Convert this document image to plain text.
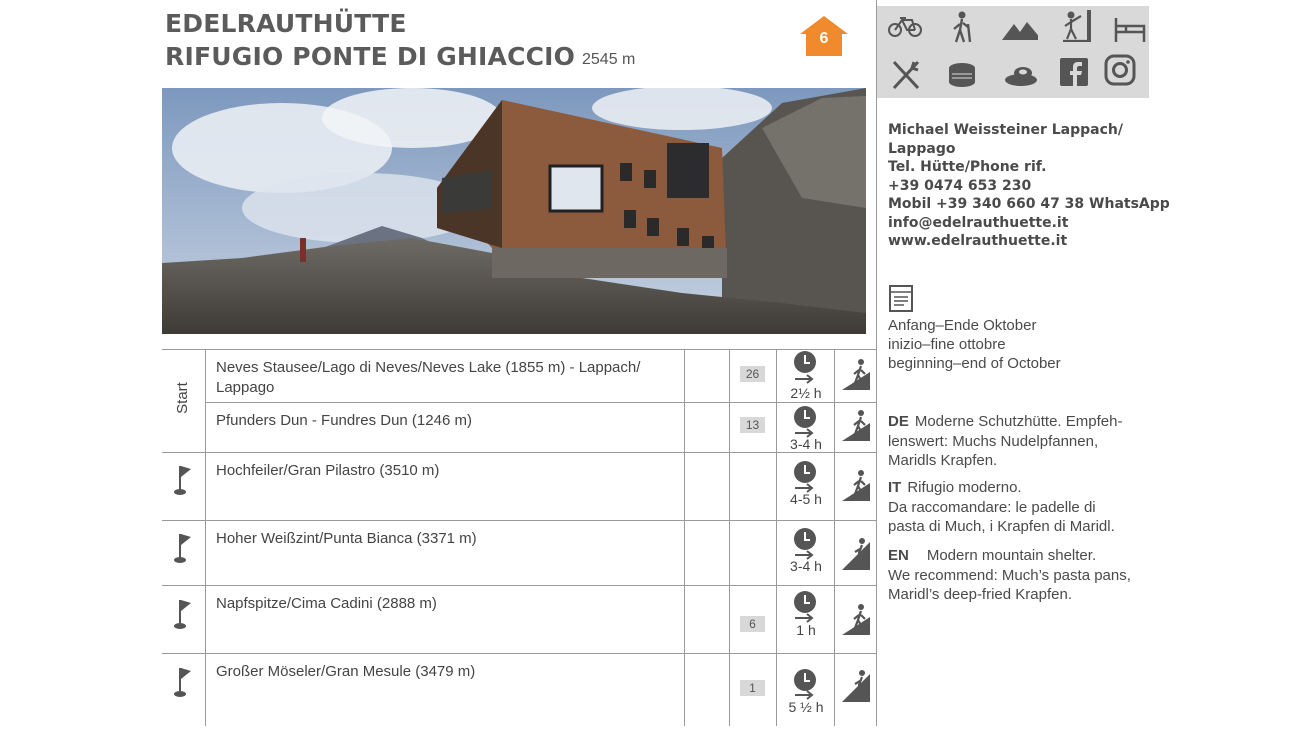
EDELRAUTHÜTTE
RIFUGIO PONTE DI GHIACCIO 2545 m
6
Start
Neves Stausee/Lago di Neves/Neves Lake (1855 m) - Lappach/ Lappago
26
2½ h
Pfunders Dun - Fundres Dun (1246 m)	13
3-4 h
Hochfeiler/Gran Pilastro (3510 m)
4-5 h
Hoher Weißzint/Punta Bianca (3371 m)
3-4 h
Napfspitze/Cima Cadini (2888 m)
6	1 h
Großer Möseler/Gran Mesule (3479 m)
1
5 ½ h
Michael Weissteiner Lappach/
Lappago
Tel. Hütte/Phone rif.
+39 0474 653 230
Mobil +39 340 660 47 38 WhatsApp
info@edelrauthuette.it
www.edelrauthuette.it
Anfang–Ende Oktober
inizio–fine ottobre
beginning–end of October
DE Moderne Schutzhütte. Empfeh-
lenswert: Muchs Nudelpfannen,
Maridls Krapfen.
IT Rifugio moderno.
Da raccomandare: le padelle di
pasta di Much, i Krapfen di Maridl.
EN Modern mountain shelter.
We recommend: Much’s pasta pans,
Maridl’s deep-fried Krapfen.
